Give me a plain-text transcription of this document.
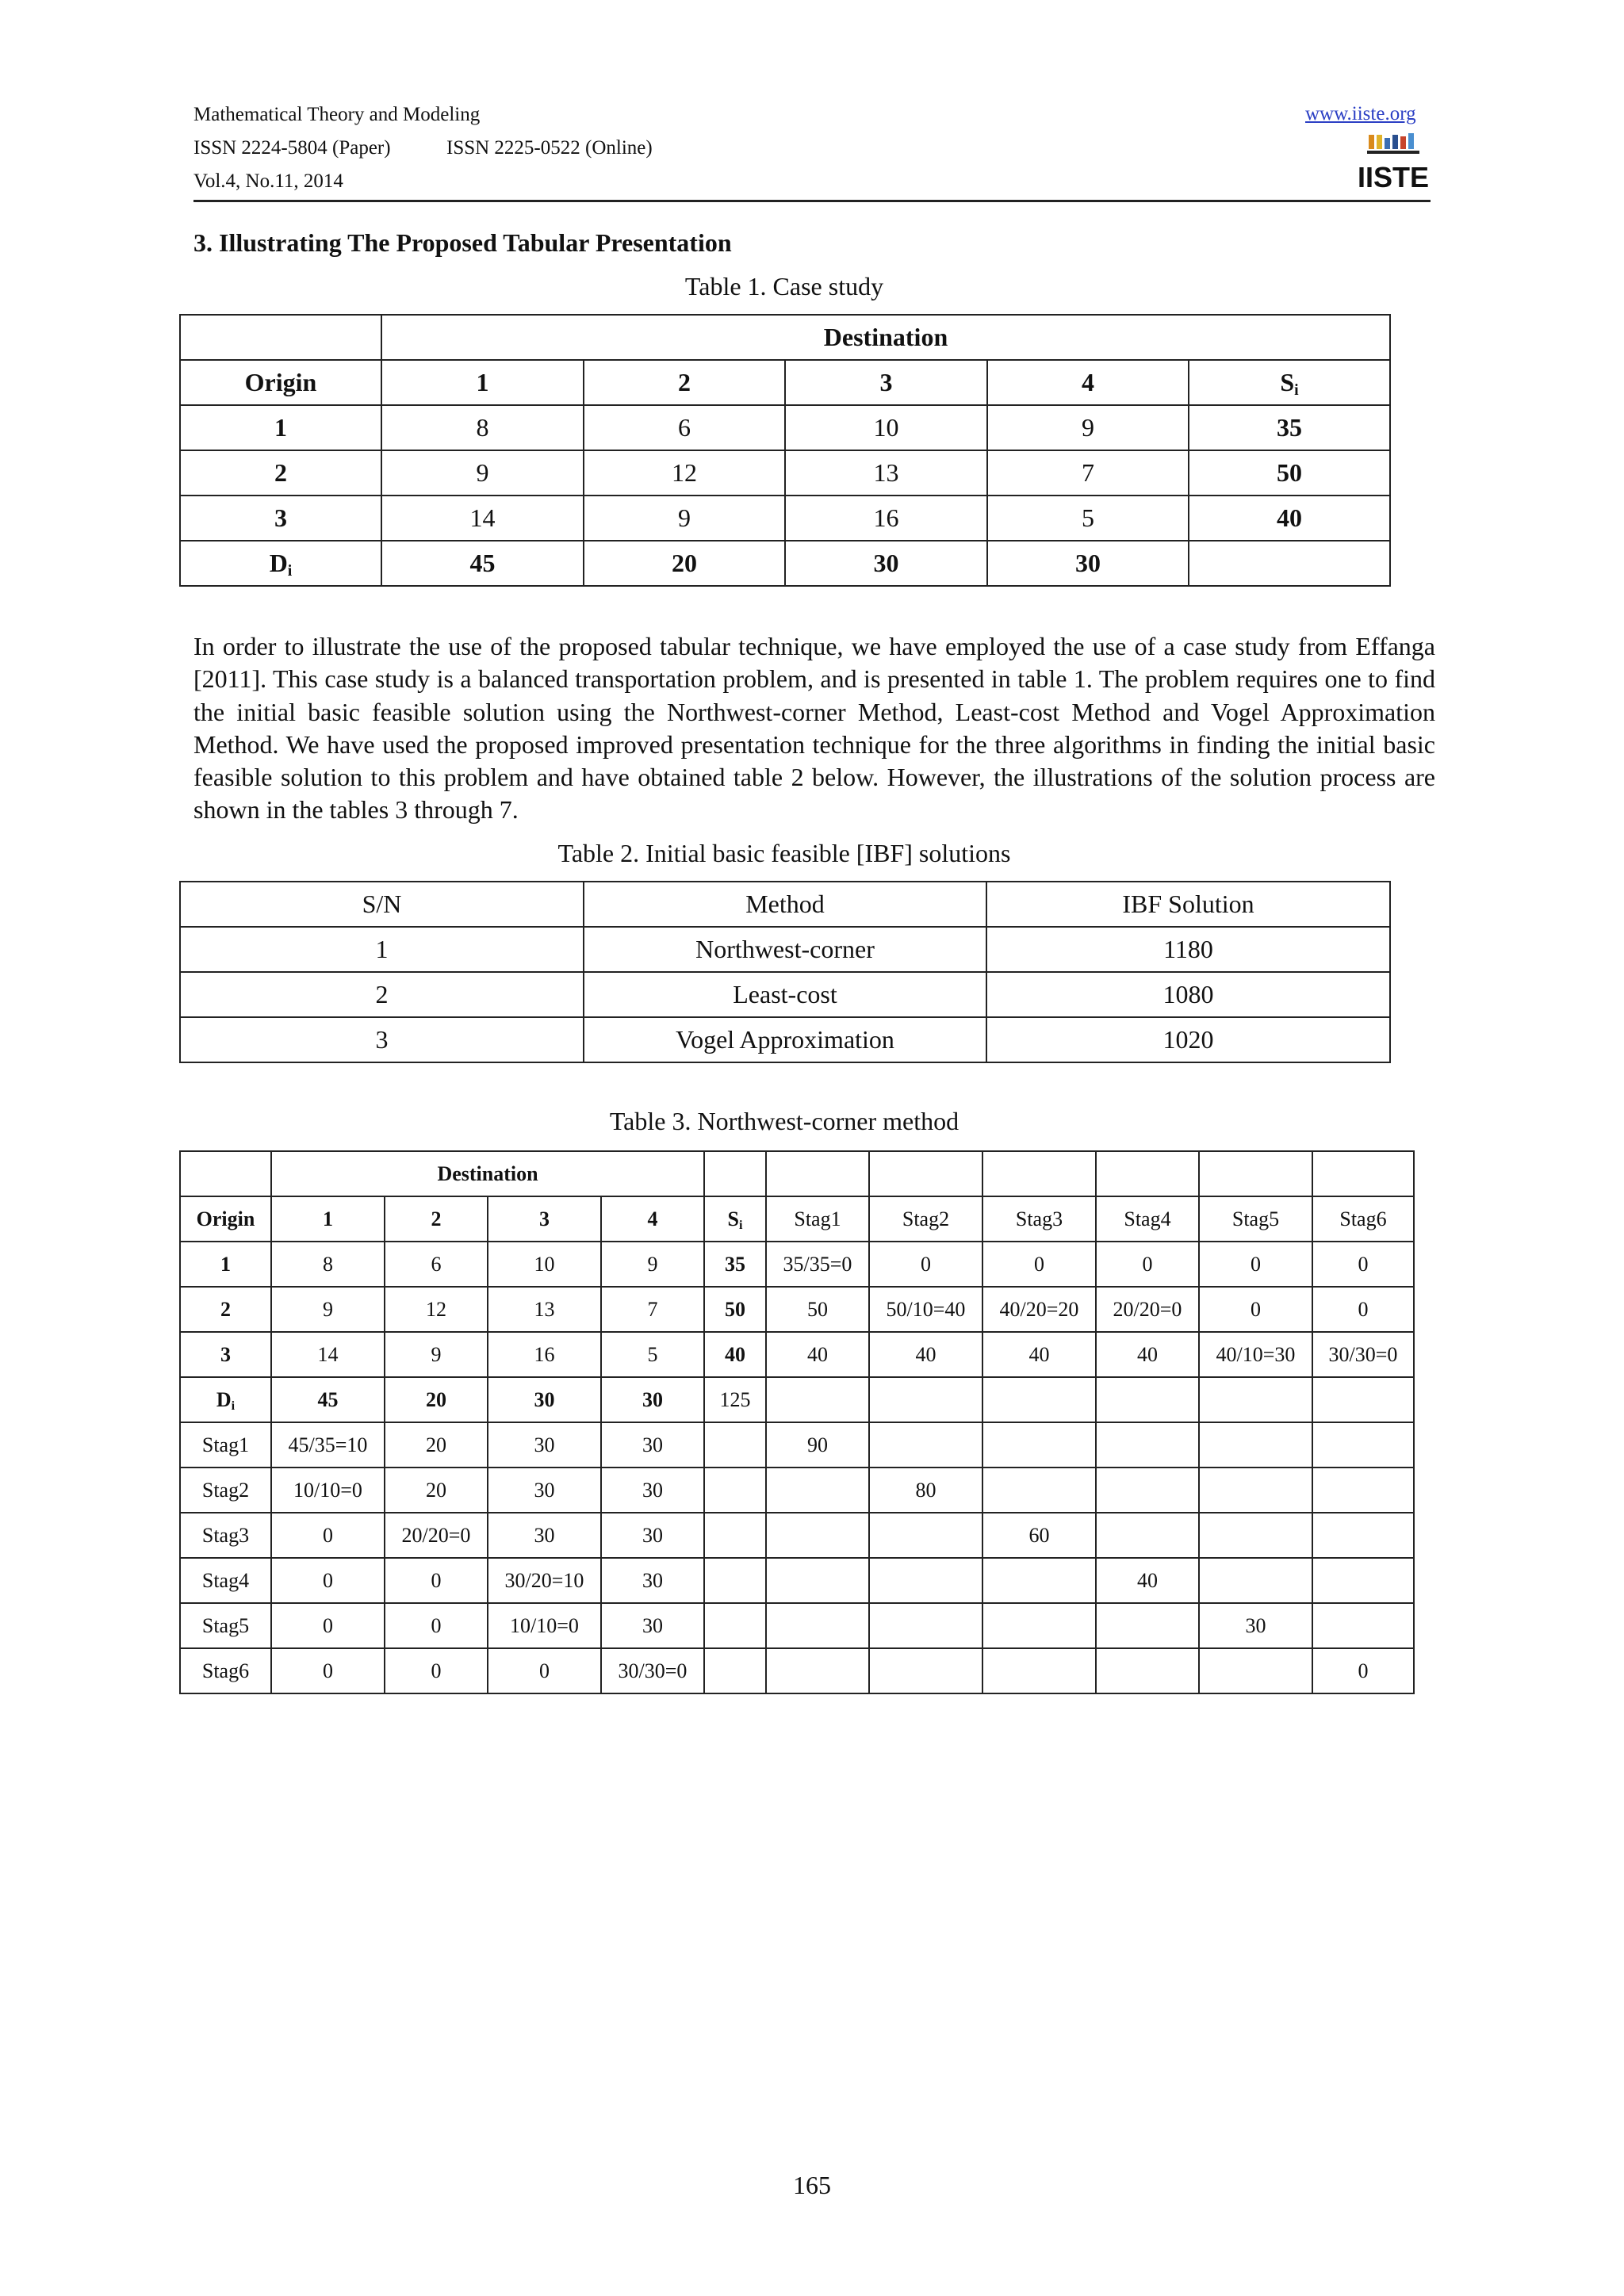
Mathematical Theory and Modeling
ISSN 2224-5804 (Paper)	ISSN 2225-0522 (Online)
Vol.4, No.11, 2014
www.iiste.org
IISTE
3. Illustrating The Proposed Tabular Presentation
Table 1. Case study
	Destination				
Origin	1	2	3	4	$S_i$
1	8	6	10	9	35
2	9	12	13	7	50
3	14	9	16	5	40
$D_i$	45	20	30	30	
In order to illustrate the use of the proposed tabular technique, we have employed the use of a case study from Effanga [2011]. This case study is a balanced transportation problem, and is presented in table 1. The problem requires one to find the initial basic feasible solution using the Northwest-corner Method, Least-cost Method and Vogel Approximation Method. We have used the proposed improved presentation technique for the three algorithms in finding the initial basic feasible solution to this problem and have obtained table 2 below. However, the illustrations of the solution process are shown in the tables 3 through 7.
Table 2. Initial basic feasible [IBF] solutions
S/N	Method	IBF Solution
1	Northwest-corner	1180
2	Least-cost	1080
3	Vogel Approximation	1020
Table 3. Northwest-corner method
	Destination										
Origin	1	2	3	4	$S_i$	Stag1	Stag2	Stag3	Stag4	Stag5	Stag6
1	8	6	10	9	35	35/35=0	0	0	0	0	0
2	9	12	13	7	50	50	50/10=40	40/20=20	20/20=0	0	0
3	14	9	16	5	40	40	40	40	40	40/10=30	30/30=0
$D_i$	45	20	30	30	125						
Stag1	45/35=10	20	30	30		90					
Stag2	10/10=0	20	30	30			80				
Stag3	0	20/20=0	30	30				60			
Stag4	0	0	30/20=10	30					40		
Stag5	0	0	10/10=0	30						30	
Stag6	0	0	0	30/30=0							0
165
